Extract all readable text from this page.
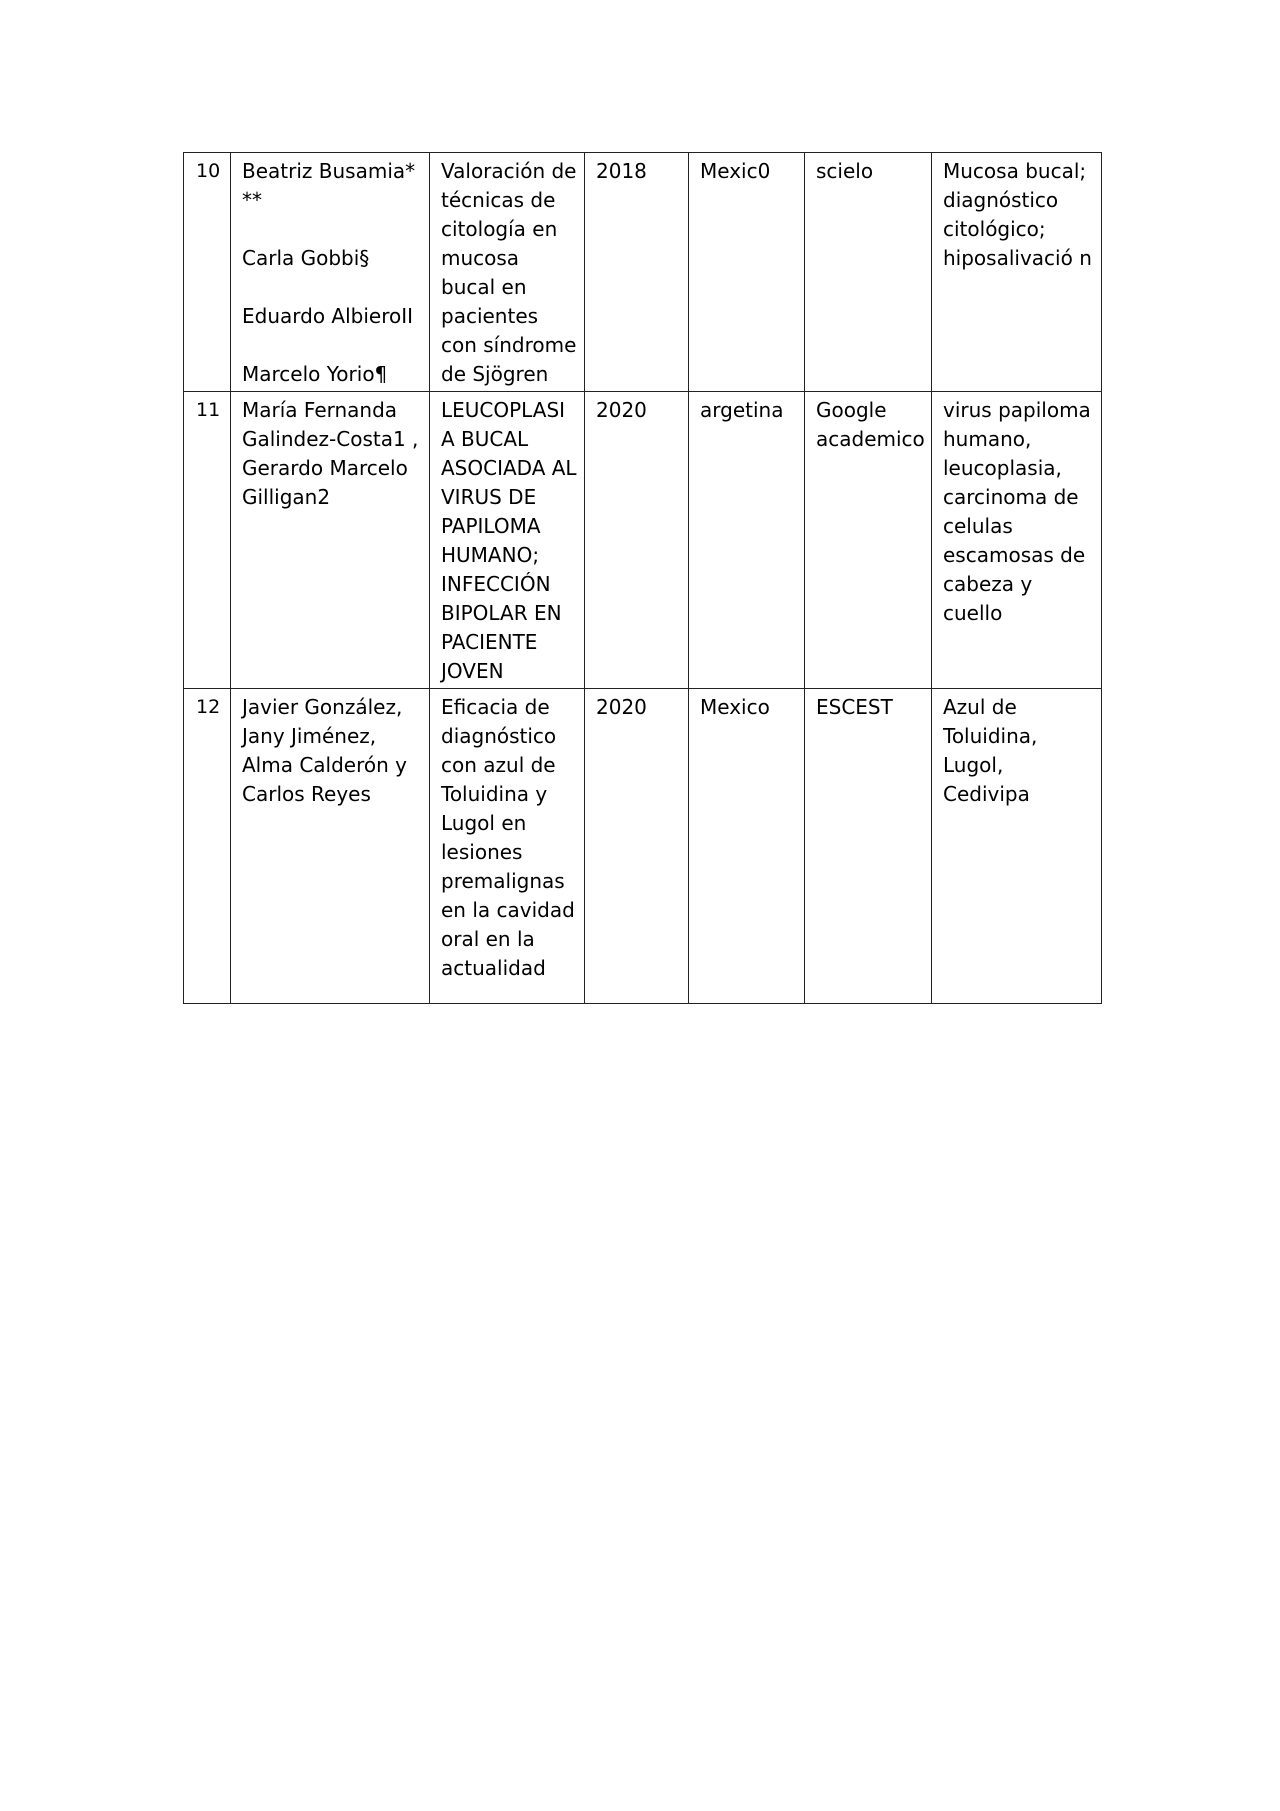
10	Beatriz Busamia*
**
Carla Gobbi§
Eduardo AlbieroII
Marcelo Yorio¶	Valoración de técnicas de citología en mucosa bucal en pacientes con síndrome de Sjögren	2018	Mexic0	scielo	Mucosa bucal; diagnóstico citológico; hiposalivació n
11	María Fernanda Galindez-Costa1 , Gerardo Marcelo Gilligan2	LEUCOPLASIA BUCAL ASOCIADA AL VIRUS DE PAPILOMA HUMANO; INFECCIÓN BIPOLAR EN PACIENTE JOVEN	2020	argetina	Google academico	virus papiloma humano, leucoplasia, carcinoma de celulas escamosas de cabeza y cuello
12	Javier González, Jany Jiménez, Alma Calderón y Carlos Reyes	Eficacia de diagnóstico con azul de Toluidina y Lugol en lesiones premalignas en la cavidad oral en la actualidad	2020	Mexico	ESCEST	Azul de Toluidina, Lugol, Cedivipa
